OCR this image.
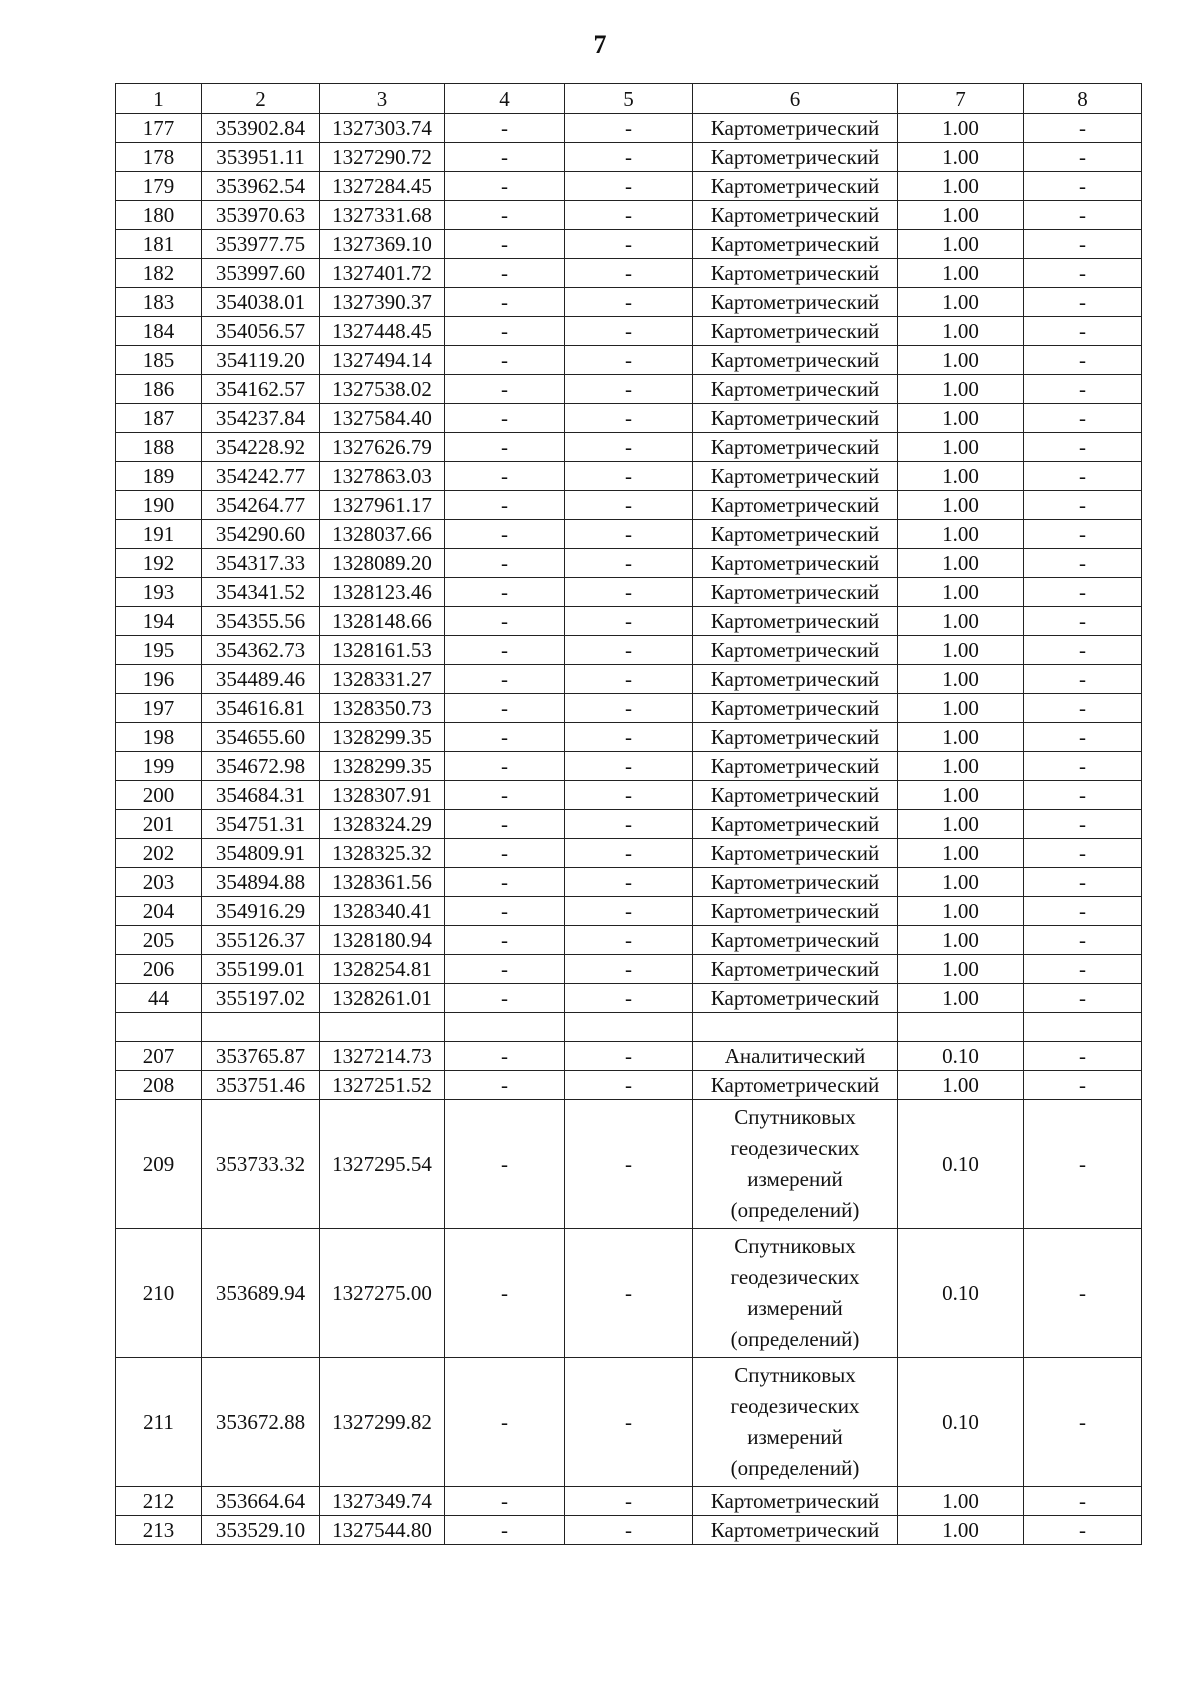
7
1	2	3	4	5	6	7	8
177	353902.84	1327303.74	-	-	Картометрический	1.00	-
178	353951.11	1327290.72	-	-	Картометрический	1.00	-
179	353962.54	1327284.45	-	-	Картометрический	1.00	-
180	353970.63	1327331.68	-	-	Картометрический	1.00	-
181	353977.75	1327369.10	-	-	Картометрический	1.00	-
182	353997.60	1327401.72	-	-	Картометрический	1.00	-
183	354038.01	1327390.37	-	-	Картометрический	1.00	-
184	354056.57	1327448.45	-	-	Картометрический	1.00	-
185	354119.20	1327494.14	-	-	Картометрический	1.00	-
186	354162.57	1327538.02	-	-	Картометрический	1.00	-
187	354237.84	1327584.40	-	-	Картометрический	1.00	-
188	354228.92	1327626.79	-	-	Картометрический	1.00	-
189	354242.77	1327863.03	-	-	Картометрический	1.00	-
190	354264.77	1327961.17	-	-	Картометрический	1.00	-
191	354290.60	1328037.66	-	-	Картометрический	1.00	-
192	354317.33	1328089.20	-	-	Картометрический	1.00	-
193	354341.52	1328123.46	-	-	Картометрический	1.00	-
194	354355.56	1328148.66	-	-	Картометрический	1.00	-
195	354362.73	1328161.53	-	-	Картометрический	1.00	-
196	354489.46	1328331.27	-	-	Картометрический	1.00	-
197	354616.81	1328350.73	-	-	Картометрический	1.00	-
198	354655.60	1328299.35	-	-	Картометрический	1.00	-
199	354672.98	1328299.35	-	-	Картометрический	1.00	-
200	354684.31	1328307.91	-	-	Картометрический	1.00	-
201	354751.31	1328324.29	-	-	Картометрический	1.00	-
202	354809.91	1328325.32	-	-	Картометрический	1.00	-
203	354894.88	1328361.56	-	-	Картометрический	1.00	-
204	354916.29	1328340.41	-	-	Картометрический	1.00	-
205	355126.37	1328180.94	-	-	Картометрический	1.00	-
206	355199.01	1328254.81	-	-	Картометрический	1.00	-
44	355197.02	1328261.01	-	-	Картометрический	1.00	-

207	353765.87	1327214.73	-	-	Аналитический	0.10	-
208	353751.46	1327251.52	-	-	Картометрический	1.00	-
209	353733.32	1327295.54	-	-	Спутниковых геодезических измерений (определений)	0.10	-
210	353689.94	1327275.00	-	-	Спутниковых геодезических измерений (определений)	0.10	-
211	353672.88	1327299.82	-	-	Спутниковых геодезических измерений (определений)	0.10	-
212	353664.64	1327349.74	-	-	Картометрический	1.00	-
213	353529.10	1327544.80	-	-	Картометрический	1.00	-
